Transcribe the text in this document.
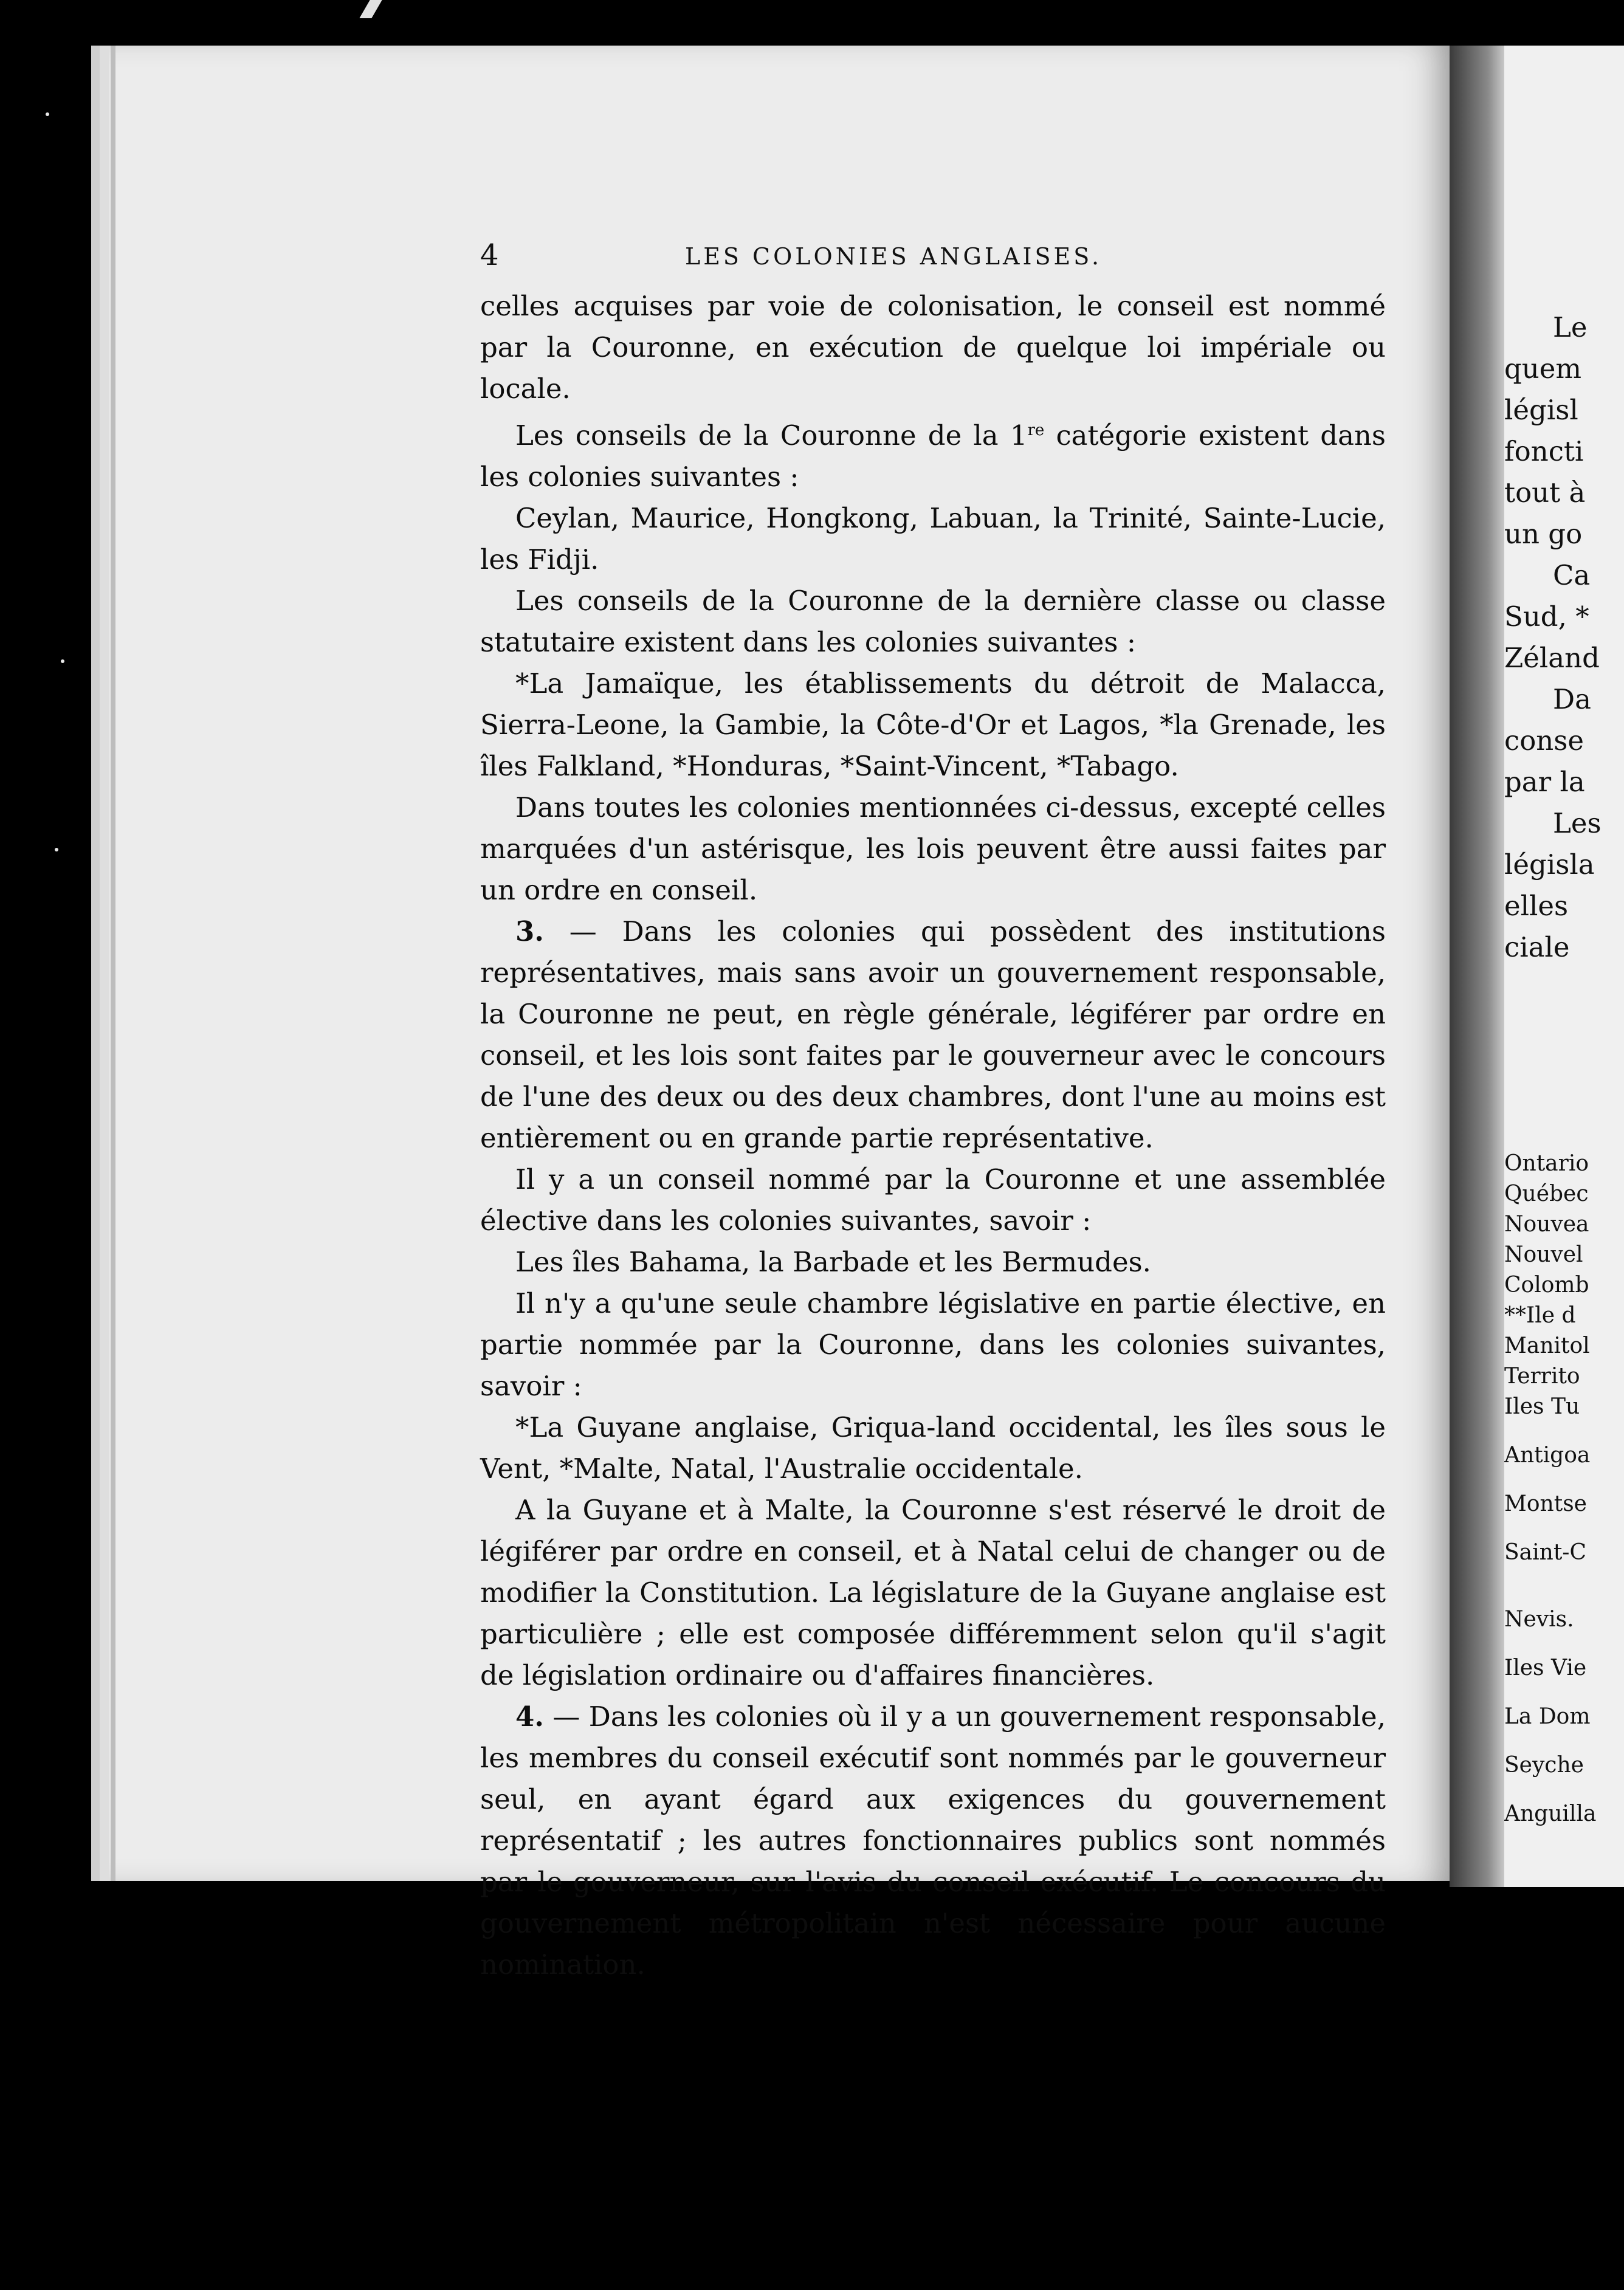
4	LES COLONIES ANGLAISES.

celles acquises par voie de colonisation, le conseil est nommé par la Couronne, en exécution de quelque loi impériale ou locale.

Les conseils de la Couronne de la 1re catégorie existent dans les colonies suivantes :

Ceylan, Maurice, Hongkong, Labuan, la Trinité, Sainte-Lucie, les Fidji.

Les conseils de la Couronne de la dernière classe ou classe statutaire existent dans les colonies suivantes :

*La Jamaïque, les établissements du détroit de Malacca, Sierra-Leone, la Gambie, la Côte-d'Or et Lagos, *la Grenade, les îles Falkland, *Honduras, *Saint-Vincent, *Tabago.

Dans toutes les colonies mentionnées ci-dessus, excepté celles marquées d'un astérisque, les lois peuvent être aussi faites par un ordre en conseil.

3. — Dans les colonies qui possèdent des institutions représentatives, mais sans avoir un gouvernement responsable, la Couronne ne peut, en règle générale, légiférer par ordre en conseil, et les lois sont faites par le gouverneur avec le concours de l'une des deux ou des deux chambres, dont l'une au moins est entièrement ou en grande partie représentative.

Il y a un conseil nommé par la Couronne et une assemblée élective dans les colonies suivantes, savoir :

Les îles Bahama, la Barbade et les Bermudes.

Il n'y a qu'une seule chambre législative en partie élective, en partie nommée par la Couronne, dans les colonies suivantes, savoir :

*La Guyane anglaise, Griqua-land occidental, les îles sous le Vent, *Malte, Natal, l'Australie occidentale.

A la Guyane et à Malte, la Couronne s'est réservé le droit de légiférer par ordre en conseil, et à Natal celui de changer ou de modifier la Constitution. La législature de la Guyane anglaise est particulière ; elle est composée différemment selon qu'il s'agit de législation ordinaire ou d'affaires financières.

4. — Dans les colonies où il y a un gouvernement responsable, les membres du conseil exécutif sont nommés par le gouverneur seul, en ayant égard aux exigences du gouvernement représentatif ; les autres fonctionnaires publics sont nommés par le gouverneur, sur l'avis du conseil exécutif. Le concours du gouvernement métropolitain n'est nécessaire pour aucune nomination.

Le
quem
législ
foncti
tout à
un go
Ca
Sud, *
Zéland
Da
conse
par la
Les
législa
elles
ciale
Ontario
Québec
Nouvea
Nouvel
Colomb
**Ile d
Manitol
Territo
Iles Tu
Antigoa
Montse
Saint-C
Nevis.
Iles Vie
La Dom
Seyche
Anguilla
